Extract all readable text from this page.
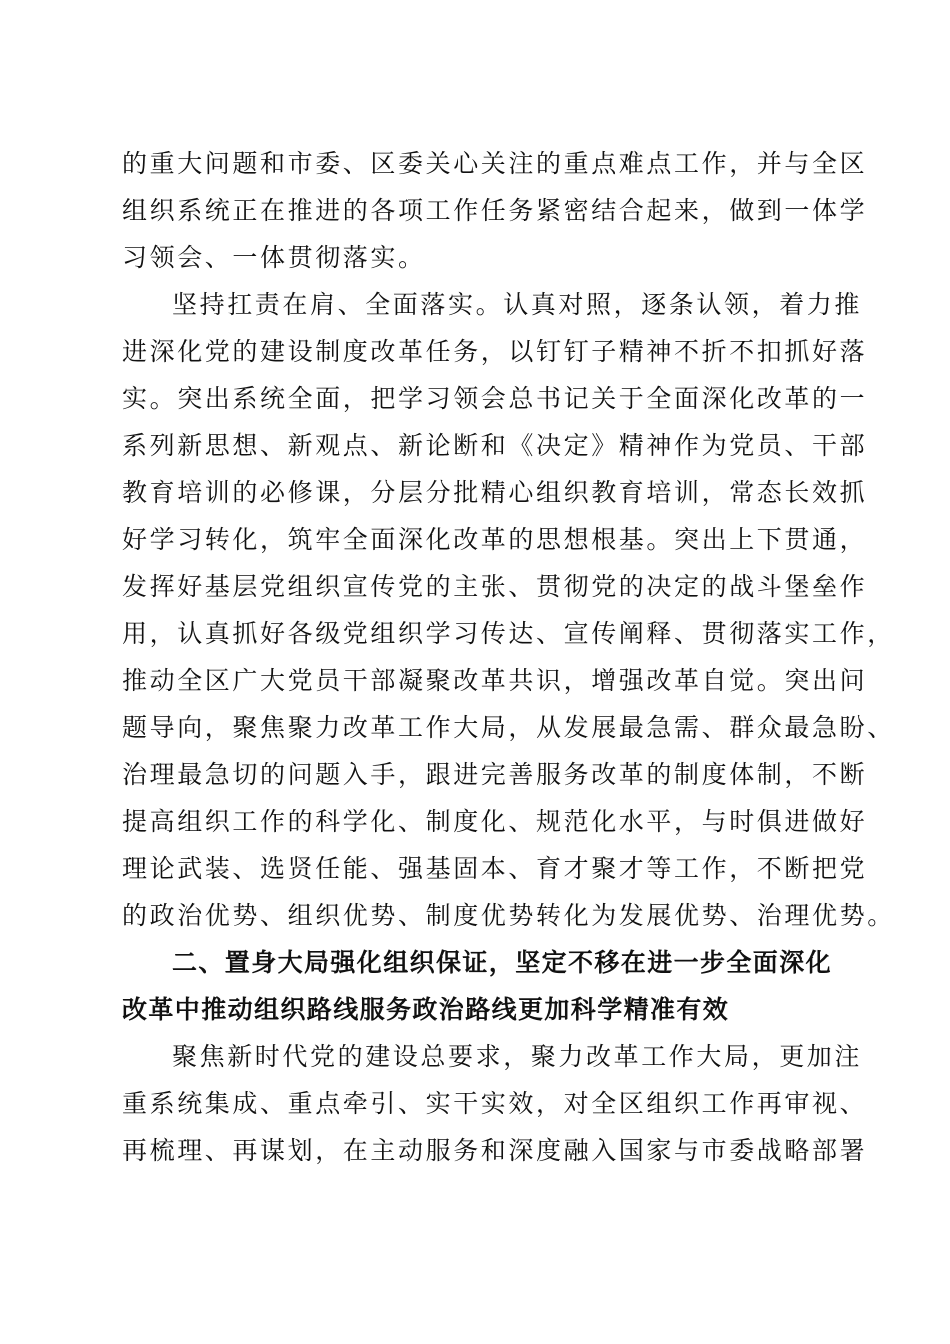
的重大问题和市委、区委关心关注的重点难点工作，并与全区
组织系统正在推进的各项工作任务紧密结合起来，做到一体学
习领会、一体贯彻落实。
坚持扛责在肩、全面落实。认真对照，逐条认领，着力推
进深化党的建设制度改革任务，以钉钉子精神不折不扣抓好落
实。突出系统全面，把学习领会总书记关于全面深化改革的一
系列新思想、新观点、新论断和《决定》精神作为党员、干部
教育培训的必修课，分层分批精心组织教育培训，常态长效抓
好学习转化，筑牢全面深化改革的思想根基。突出上下贯通，
发挥好基层党组织宣传党的主张、贯彻党的决定的战斗堡垒作
用，认真抓好各级党组织学习传达、宣传阐释、贯彻落实工作，
推动全区广大党员干部凝聚改革共识，增强改革自觉。突出问
题导向，聚焦聚力改革工作大局，从发展最急需、群众最急盼、
治理最急切的问题入手，跟进完善服务改革的制度体制，不断
提高组织工作的科学化、制度化、规范化水平，与时俱进做好
理论武装、选贤任能、强基固本、育才聚才等工作，不断把党
的政治优势、组织优势、制度优势转化为发展优势、治理优势。
二、置身大局强化组织保证，坚定不移在进一步全面深化
改革中推动组织路线服务政治路线更加科学精准有效
聚焦新时代党的建设总要求，聚力改革工作大局，更加注
重系统集成、重点牵引、实干实效，对全区组织工作再审视、
再梳理、再谋划，在主动服务和深度融入国家与市委战略部署
